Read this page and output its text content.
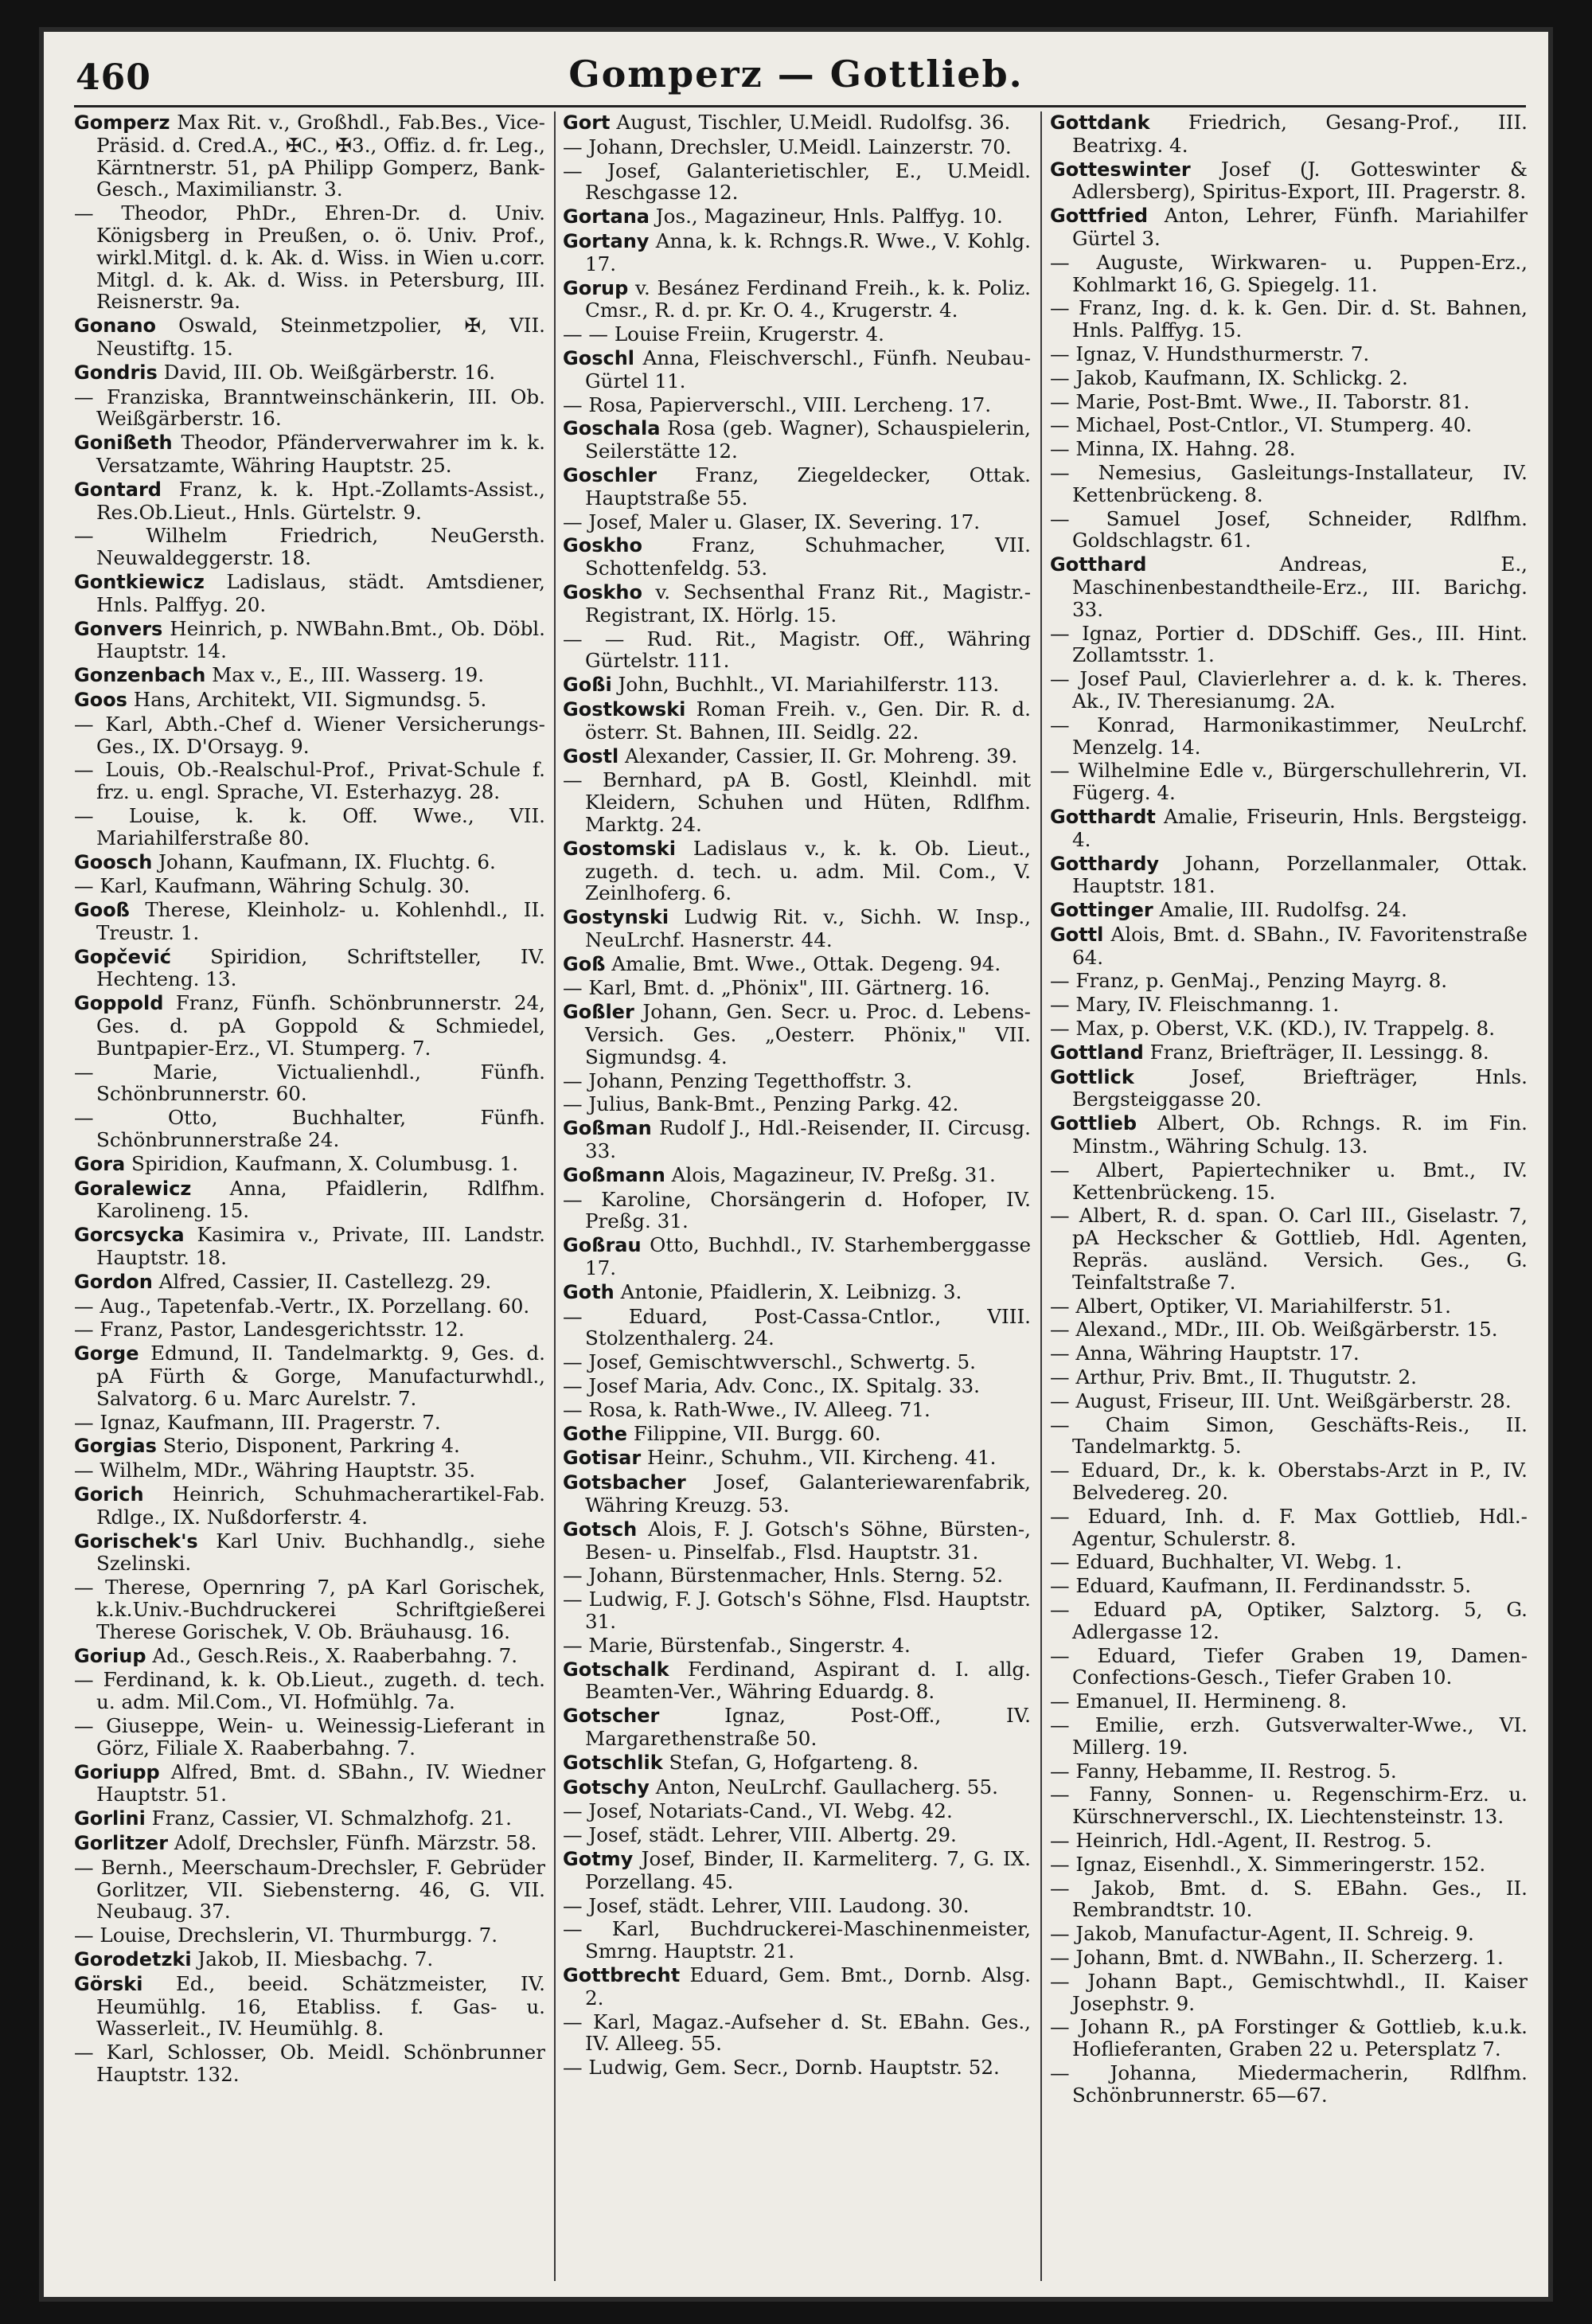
460	Gomperz — Gottlieb.
Gomperz Max Rit. v., Großhdl., Fab.Bes., Vice-Präsid. d. Cred.A., ✠C., ✠3., Offiz. d. fr. Leg., Kärntnerstr. 51, pA Philipp Gomperz, Bank-Gesch., Maximilianstr. 3.
— Theodor, PhDr., Ehren-Dr. d. Univ. Königsberg in Preußen, o. ö. Univ. Prof., wirkl.Mitgl. d. k. Ak. d. Wiss. in Wien u.corr. Mitgl. d. k. Ak. d. Wiss. in Petersburg, III. Reisnerstr. 9a.
Gonano Oswald, Steinmetzpolier, ✠, VII. Neustiftg. 15.
Gondris David, III. Ob. Weißgärberstr. 16.
— Franziska, Branntweinschänkerin, III. Ob. Weißgärberstr. 16.
Gonißeth Theodor, Pfänderverwahrer im k. k. Versatzamte, Währing Hauptstr. 25.
Gontard Franz, k. k. Hpt.-Zollamts-Assist., Res.Ob.Lieut., Hnls. Gürtelstr. 9.
— Wilhelm Friedrich, NeuGersth. Neuwaldeggerstr. 18.
Gontkiewicz Ladislaus, städt. Amtsdiener, Hnls. Palffyg. 20.
Gonvers Heinrich, p. NWBahn.Bmt., Ob. Döbl. Hauptstr. 14.
Gonzenbach Max v., E., III. Wasserg. 19.
Goos Hans, Architekt, VII. Sigmundsg. 5.
— Karl, Abth.-Chef d. Wiener Versicherungs-Ges., IX. D'Orsayg. 9.
— Louis, Ob.-Realschul-Prof., Privat-Schule f. frz. u. engl. Sprache, VI. Esterhazyg. 28.
— Louise, k. k. Off. Wwe., VII. Mariahilferstraße 80.
Goosch Johann, Kaufmann, IX. Fluchtg. 6.
— Karl, Kaufmann, Währing Schulg. 30.
Gooß Therese, Kleinholz- u. Kohlenhdl., II. Treustr. 1.
Gopčević Spiridion, Schriftsteller, IV. Hechteng. 13.
Goppold Franz, Fünfh. Schönbrunnerstr. 24, Ges. d. pA Goppold & Schmiedel, Buntpapier-Erz., VI. Stumperg. 7.
— Marie, Victualienhdl., Fünfh. Schönbrunnerstr. 60.
— Otto, Buchhalter, Fünfh. Schönbrunnerstraße 24.
Gora Spiridion, Kaufmann, X. Columbusg. 1.
Goralewicz Anna, Pfaidlerin, Rdlfhm. Karolineng. 15.
Gorcsycka Kasimira v., Private, III. Landstr. Hauptstr. 18.
Gordon Alfred, Cassier, II. Castellezg. 29.
— Aug., Tapetenfab.-Vertr., IX. Porzellang. 60.
— Franz, Pastor, Landesgerichtsstr. 12.
Gorge Edmund, II. Tandelmarktg. 9, Ges. d. pA Fürth & Gorge, Manufacturwhdl., Salvatorg. 6 u. Marc Aurelstr. 7.
— Ignaz, Kaufmann, III. Pragerstr. 7.
Gorgias Sterio, Disponent, Parkring 4.
— Wilhelm, MDr., Währing Hauptstr. 35.
Gorich Heinrich, Schuhmacherartikel-Fab. Rdlge., IX. Nußdorferstr. 4.
Gorischek's Karl Univ. Buchhandlg., siehe Szelinski.
— Therese, Opernring 7, pA Karl Gorischek, k.k.Univ.-Buchdruckerei Schriftgießerei Therese Gorischek, V. Ob. Bräuhausg. 16.
Goriup Ad., Gesch.Reis., X. Raaberbahng. 7.
— Ferdinand, k. k. Ob.Lieut., zugeth. d. tech. u. adm. Mil.Com., VI. Hofmühlg. 7a.
— Giuseppe, Wein- u. Weinessig-Lieferant in Görz, Filiale X. Raaberbahng. 7.
Goriupp Alfred, Bmt. d. SBahn., IV. Wiedner Hauptstr. 51.
Gorlini Franz, Cassier, VI. Schmalzhofg. 21.
Gorlitzer Adolf, Drechsler, Fünfh. Märzstr. 58.
— Bernh., Meerschaum-Drechsler, F. Gebrüder Gorlitzer, VII. Siebensterng. 46, G. VII. Neubaug. 37.
— Louise, Drechslerin, VI. Thurmburgg. 7.
Gorodetzki Jakob, II. Miesbachg. 7.
Görski Ed., beeid. Schätzmeister, IV. Heumühlg. 16, Etabliss. f. Gas- u. Wasserleit., IV. Heumühlg. 8.
— Karl, Schlosser, Ob. Meidl. Schönbrunner Hauptstr. 132.
Gort August, Tischler, U.Meidl. Rudolfsg. 36.
— Johann, Drechsler, U.Meidl. Lainzerstr. 70.
— Josef, Galanterietischler, E., U.Meidl. Reschgasse 12.
Gortana Jos., Magazineur, Hnls. Palffyg. 10.
Gortany Anna, k. k. Rchngs.R. Wwe., V. Kohlg. 17.
Gorup v. Besánez Ferdinand Freih., k. k. Poliz. Cmsr., R. d. pr. Kr. O. 4., Krugerstr. 4.
— — Louise Freiin, Krugerstr. 4.
Goschl Anna, Fleischverschl., Fünfh. Neubau-Gürtel 11.
— Rosa, Papierverschl., VIII. Lercheng. 17.
Goschala Rosa (geb. Wagner), Schauspielerin, Seilerstätte 12.
Goschler Franz, Ziegeldecker, Ottak. Hauptstraße 55.
— Josef, Maler u. Glaser, IX. Severing. 17.
Goskho Franz, Schuhmacher, VII. Schottenfeldg. 53.
Goskho v. Sechsenthal Franz Rit., Magistr.-Registrant, IX. Hörlg. 15.
— — Rud. Rit., Magistr. Off., Währing Gürtelstr. 111.
Goßi John, Buchhlt., VI. Mariahilferstr. 113.
Gostkowski Roman Freih. v., Gen. Dir. R. d. österr. St. Bahnen, III. Seidlg. 22.
Gostl Alexander, Cassier, II. Gr. Mohreng. 39.
— Bernhard, pA B. Gostl, Kleinhdl. mit Kleidern, Schuhen und Hüten, Rdlfhm. Marktg. 24.
Gostomski Ladislaus v., k. k. Ob. Lieut., zugeth. d. tech. u. adm. Mil. Com., V. Zeinlhoferg. 6.
Gostynski Ludwig Rit. v., Sichh. W. Insp., NeuLrchf. Hasnerstr. 44.
Goß Amalie, Bmt. Wwe., Ottak. Degeng. 94.
— Karl, Bmt. d. „Phönix", III. Gärtnerg. 16.
Goßler Johann, Gen. Secr. u. Proc. d. Lebens-Versich. Ges. „Oesterr. Phönix," VII. Sigmundsg. 4.
— Johann, Penzing Tegetthoffstr. 3.
— Julius, Bank-Bmt., Penzing Parkg. 42.
Goßman Rudolf J., Hdl.-Reisender, II. Circusg. 33.
Goßmann Alois, Magazineur, IV. Preßg. 31.
— Karoline, Chorsängerin d. Hofoper, IV. Preßg. 31.
Goßrau Otto, Buchhdl., IV. Starhemberggasse 17.
Goth Antonie, Pfaidlerin, X. Leibnizg. 3.
— Eduard, Post-Cassa-Cntlor., VIII. Stolzenthalerg. 24.
— Josef, Gemischtwverschl., Schwertg. 5.
— Josef Maria, Adv. Conc., IX. Spitalg. 33.
— Rosa, k. Rath-Wwe., IV. Alleeg. 71.
Gothe Filippine, VII. Burgg. 60.
Gotisar Heinr., Schuhm., VII. Kircheng. 41.
Gotsbacher Josef, Galanteriewarenfabrik, Währing Kreuzg. 53.
Gotsch Alois, F. J. Gotsch's Söhne, Bürsten-, Besen- u. Pinselfab., Flsd. Hauptstr. 31.
— Johann, Bürstenmacher, Hnls. Sterng. 52.
— Ludwig, F. J. Gotsch's Söhne, Flsd. Hauptstr. 31.
— Marie, Bürstenfab., Singerstr. 4.
Gotschalk Ferdinand, Aspirant d. I. allg. Beamten-Ver., Währing Eduardg. 8.
Gotscher Ignaz, Post-Off., IV. Margarethenstraße 50.
Gotschlik Stefan, G, Hofgarteng. 8.
Gotschy Anton, NeuLrchf. Gaullacherg. 55.
— Josef, Notariats-Cand., VI. Webg. 42.
— Josef, städt. Lehrer, VIII. Albertg. 29.
Gotmy Josef, Binder, II. Karmeliterg. 7, G. IX. Porzellang. 45.
— Josef, städt. Lehrer, VIII. Laudong. 30.
— Karl, Buchdruckerei-Maschinenmeister, Smrng. Hauptstr. 21.
Gottbrecht Eduard, Gem. Bmt., Dornb. Alsg. 2.
— Karl, Magaz.-Aufseher d. St. EBahn. Ges., IV. Alleeg. 55.
— Ludwig, Gem. Secr., Dornb. Hauptstr. 52.
Gottdank Friedrich, Gesang-Prof., III. Beatrixg. 4.
Gotteswinter Josef (J. Gotteswinter & Adlersberg), Spiritus-Export, III. Pragerstr. 8.
Gottfried Anton, Lehrer, Fünfh. Mariahilfer Gürtel 3.
— Auguste, Wirkwaren- u. Puppen-Erz., Kohlmarkt 16, G. Spiegelg. 11.
— Franz, Ing. d. k. k. Gen. Dir. d. St. Bahnen, Hnls. Palffyg. 15.
— Ignaz, V. Hundsthurmerstr. 7.
— Jakob, Kaufmann, IX. Schlickg. 2.
— Marie, Post-Bmt. Wwe., II. Taborstr. 81.
— Michael, Post-Cntlor., VI. Stumperg. 40.
— Minna, IX. Hahng. 28.
— Nemesius, Gasleitungs-Installateur, IV. Kettenbrückeng. 8.
— Samuel Josef, Schneider, Rdlfhm. Goldschlagstr. 61.
Gotthard Andreas, E., Maschinenbestandtheile-Erz., III. Barichg. 33.
— Ignaz, Portier d. DDSchiff. Ges., III. Hint. Zollamtsstr. 1.
— Josef Paul, Clavierlehrer a. d. k. k. Theres. Ak., IV. Theresianumg. 2A.
— Konrad, Harmonikastimmer, NeuLrchf. Menzelg. 14.
— Wilhelmine Edle v., Bürgerschullehrerin, VI. Fügerg. 4.
Gotthardt Amalie, Friseurin, Hnls. Bergsteigg. 4.
Gotthardy Johann, Porzellanmaler, Ottak. Hauptstr. 181.
Gottinger Amalie, III. Rudolfsg. 24.
Gottl Alois, Bmt. d. SBahn., IV. Favoritenstraße 64.
— Franz, p. GenMaj., Penzing Mayrg. 8.
— Mary, IV. Fleischmanng. 1.
— Max, p. Oberst, V.K. (KD.), IV. Trappelg. 8.
Gottland Franz, Briefträger, II. Lessingg. 8.
Gottlick Josef, Briefträger, Hnls. Bergsteiggasse 20.
Gottlieb Albert, Ob. Rchngs. R. im Fin. Minstm., Währing Schulg. 13.
— Albert, Papiertechniker u. Bmt., IV. Kettenbrückeng. 15.
— Albert, R. d. span. O. Carl III., Giselastr. 7, pA Heckscher & Gottlieb, Hdl. Agenten, Repräs. ausländ. Versich. Ges., G. Teinfaltstraße 7.
— Albert, Optiker, VI. Mariahilferstr. 51.
— Alexand., MDr., III. Ob. Weißgärberstr. 15.
— Anna, Währing Hauptstr. 17.
— Arthur, Priv. Bmt., II. Thugutstr. 2.
— August, Friseur, III. Unt. Weißgärberstr. 28.
— Chaim Simon, Geschäfts-Reis., II. Tandelmarktg. 5.
— Eduard, Dr., k. k. Oberstabs-Arzt in P., IV. Belvedereg. 20.
— Eduard, Inh. d. F. Max Gottlieb, Hdl.-Agentur, Schulerstr. 8.
— Eduard, Buchhalter, VI. Webg. 1.
— Eduard, Kaufmann, II. Ferdinandsstr. 5.
— Eduard pA, Optiker, Salztorg. 5, G. Adlergasse 12.
— Eduard, Tiefer Graben 19, Damen-Confections-Gesch., Tiefer Graben 10.
— Emanuel, II. Hermineng. 8.
— Emilie, erzh. Gutsverwalter-Wwe., VI. Millerg. 19.
— Fanny, Hebamme, II. Restrog. 5.
— Fanny, Sonnen- u. Regenschirm-Erz. u. Kürschnerverschl., IX. Liechtensteinstr. 13.
— Heinrich, Hdl.-Agent, II. Restrog. 5.
— Ignaz, Eisenhdl., X. Simmeringerstr. 152.
— Jakob, Bmt. d. S. EBahn. Ges., II. Rembrandtstr. 10.
— Jakob, Manufactur-Agent, II. Schreig. 9.
— Johann, Bmt. d. NWBahn., II. Scherzerg. 1.
— Johann Bapt., Gemischtwhdl., II. Kaiser Josephstr. 9.
— Johann R., pA Forstinger & Gottlieb, k.u.k. Hoflieferanten, Graben 22 u. Petersplatz 7.
— Johanna, Miedermacherin, Rdlfhm. Schönbrunnerstr. 65—67.
